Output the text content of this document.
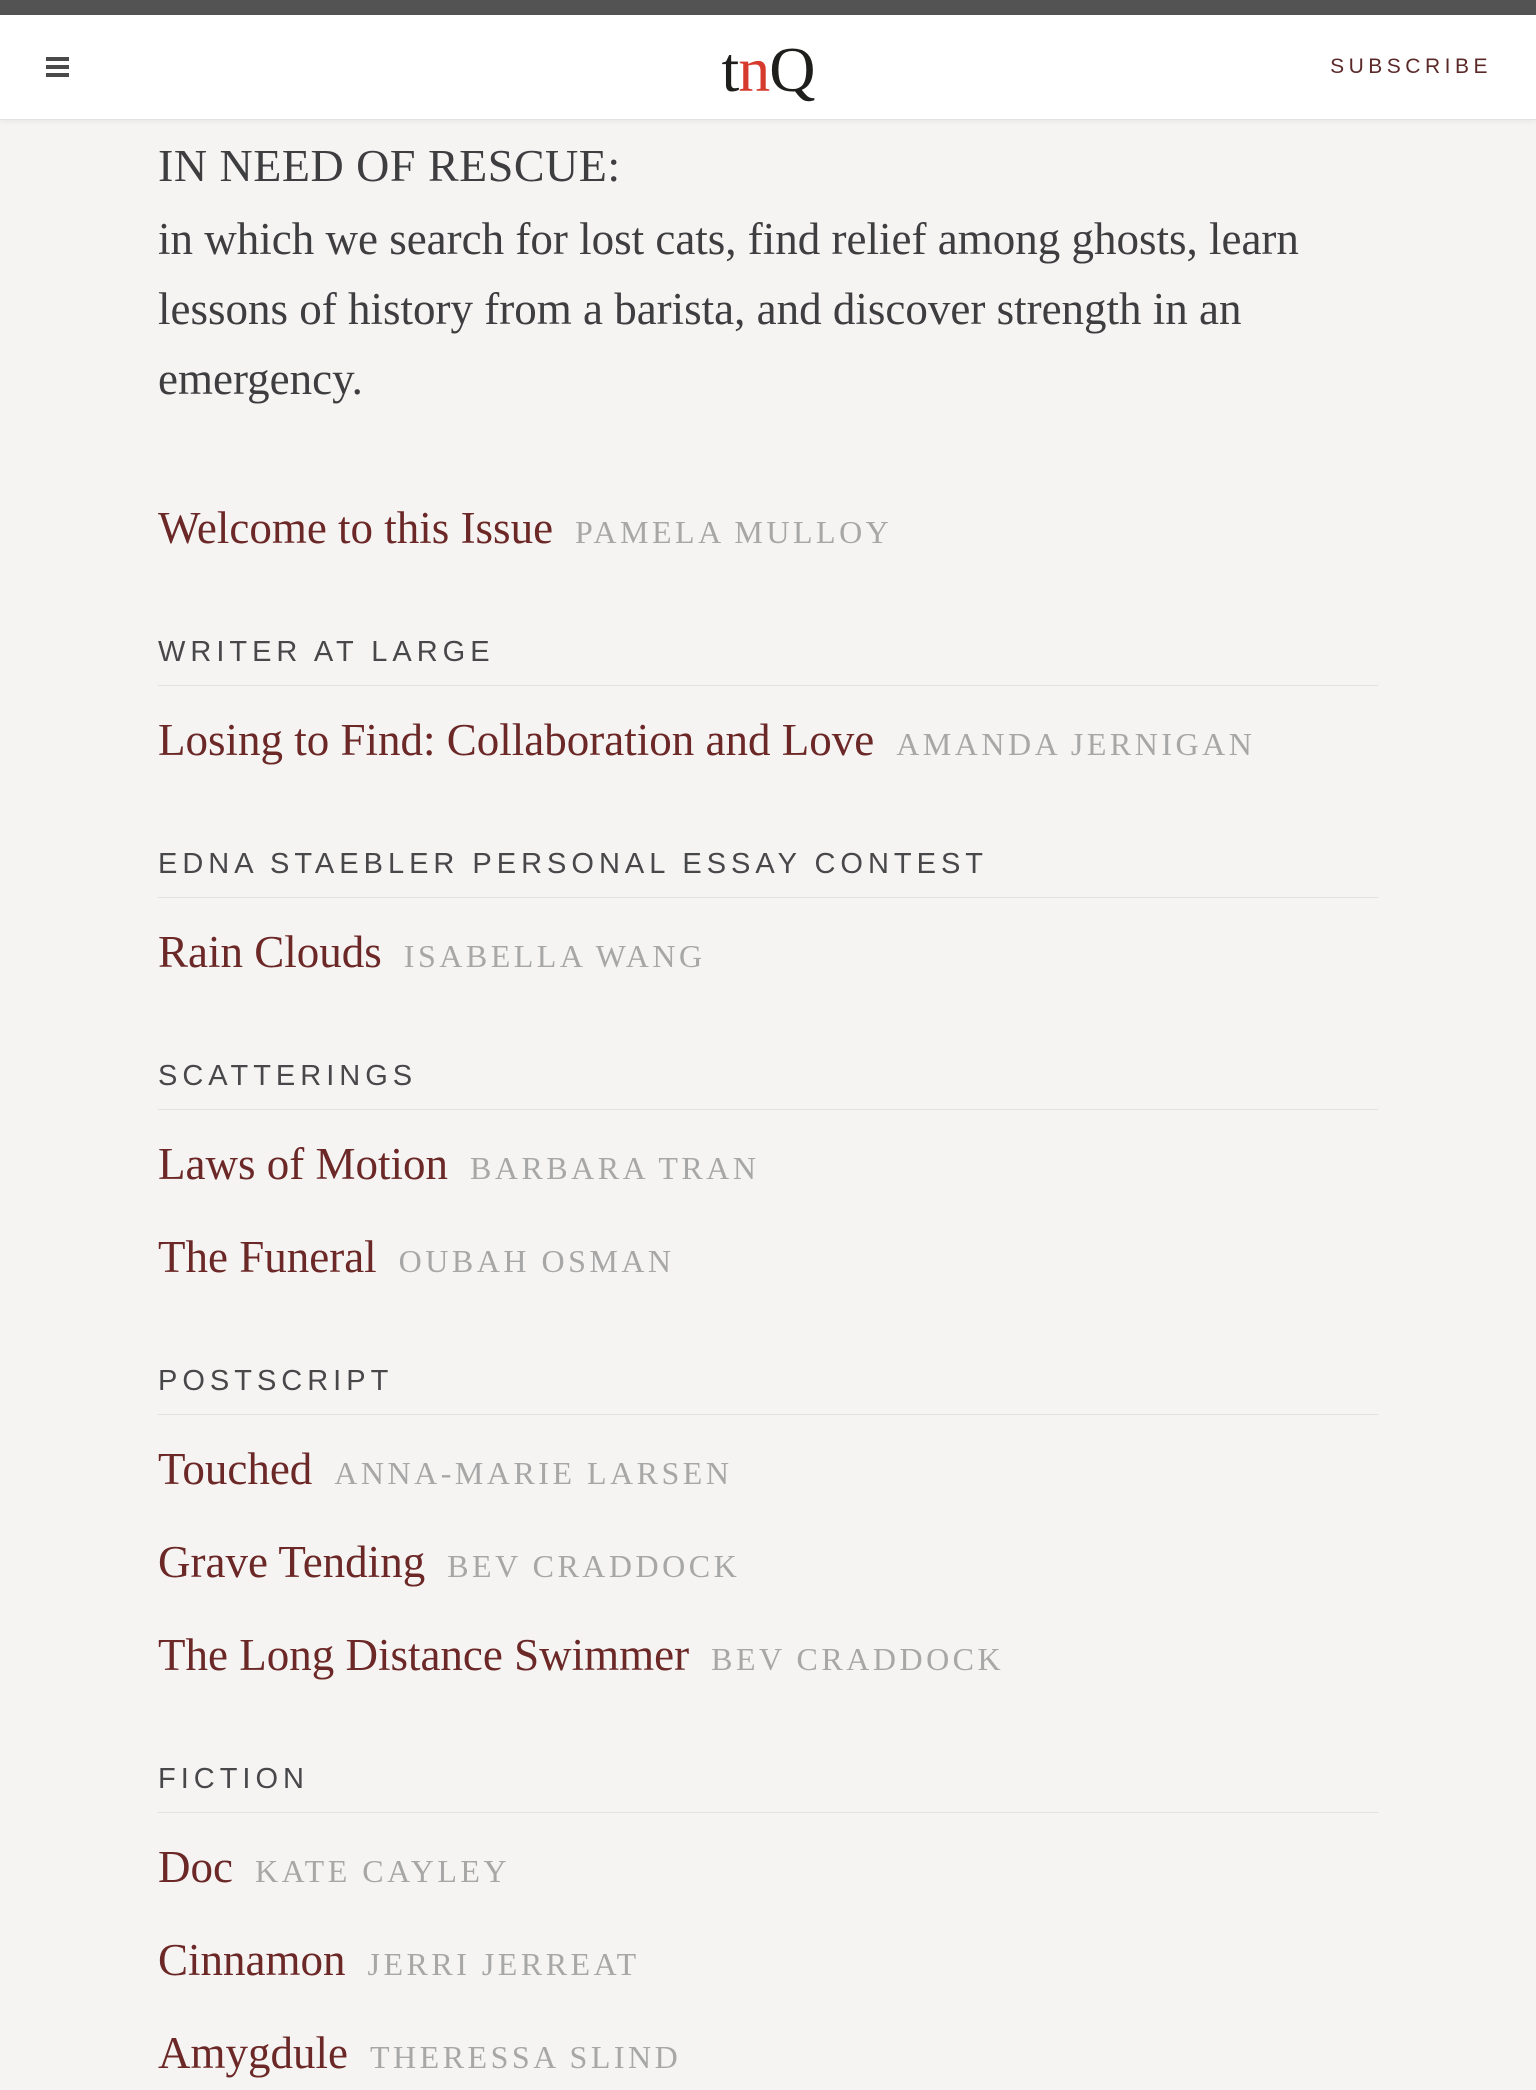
tnQ	SUBSCRIBE
IN NEED OF RESCUE:

in which we search for lost cats, find relief among ghosts, learn lessons of history from a barista, and discover strength in an emergency.

Welcome to this Issue PAMELA MULLOY
WRITER AT LARGE
Losing to Find: Collaboration and Love AMANDA JERNIGAN
EDNA STAEBLER PERSONAL ESSAY CONTEST
Rain Clouds ISABELLA WANG
SCATTERINGS
Laws of Motion BARBARA TRAN
The Funeral OUBAH OSMAN
POSTSCRIPT
Touched ANNA-MARIE LARSEN
Grave Tending BEV CRADDOCK
The Long Distance Swimmer BEV CRADDOCK
FICTION
Doc KATE CAYLEY
Cinnamon JERRI JERREAT
Amygdule THERESSA SLIND
